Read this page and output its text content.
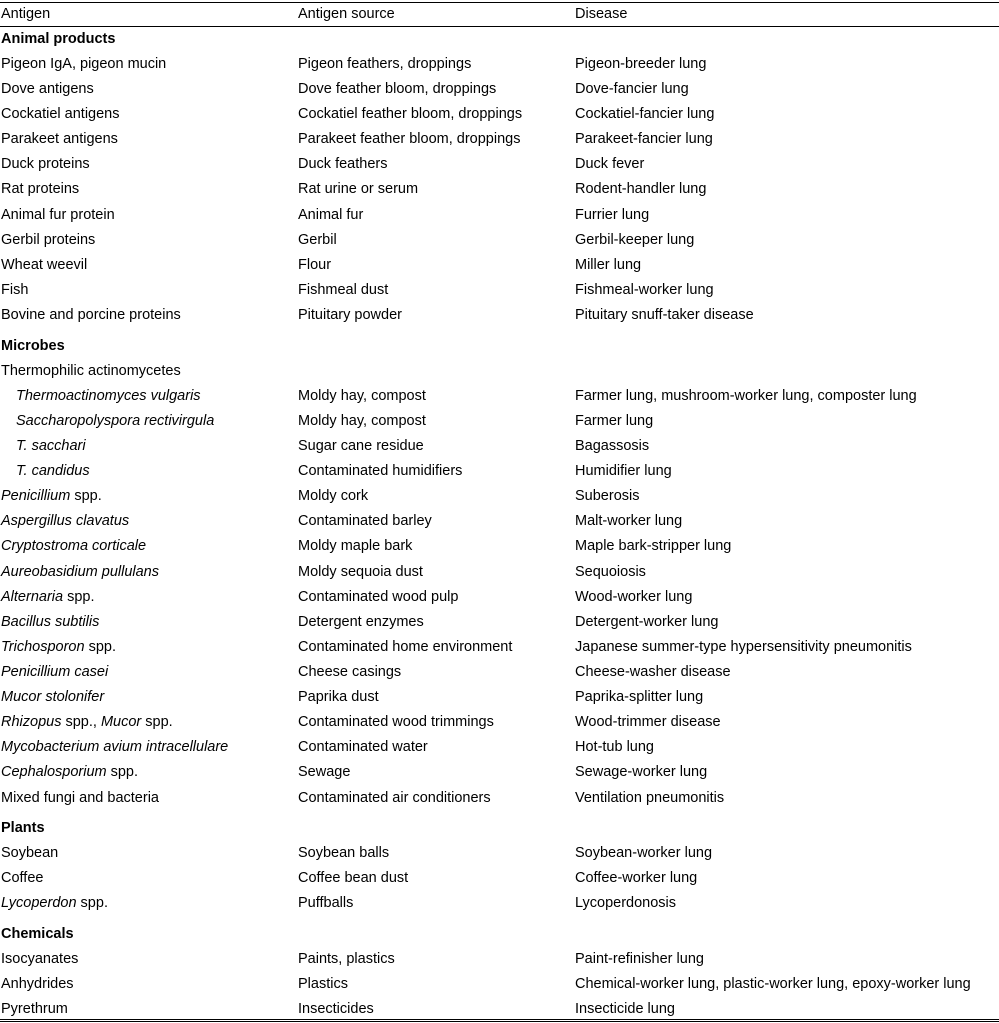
Antigen	Antigen source	Disease
Animal products
Pigeon IgA, pigeon mucin	Pigeon feathers, droppings	Pigeon-breeder lung
Dove antigens	Dove feather bloom, droppings	Dove-fancier lung
Cockatiel antigens	Cockatiel feather bloom, droppings	Cockatiel-fancier lung
Parakeet antigens	Parakeet feather bloom, droppings	Parakeet-fancier lung
Duck proteins	Duck feathers	Duck fever
Rat proteins	Rat urine or serum	Rodent-handler lung
Animal fur protein	Animal fur	Furrier lung
Gerbil proteins	Gerbil	Gerbil-keeper lung
Wheat weevil	Flour	Miller lung
Fish	Fishmeal dust	Fishmeal-worker lung
Bovine and porcine proteins	Pituitary powder	Pituitary snuff-taker disease
Microbes
Thermophilic actinomycetes
Thermoactinomyces vulgaris	Moldy hay, compost	Farmer lung, mushroom-worker lung, composter lung
Saccharopolyspora rectivirgula	Moldy hay, compost	Farmer lung
T. sacchari	Sugar cane residue	Bagassosis
T. candidus	Contaminated humidifiers	Humidifier lung
Penicillium spp.	Moldy cork	Suberosis
Aspergillus clavatus	Contaminated barley	Malt-worker lung
Cryptostroma corticale	Moldy maple bark	Maple bark-stripper lung
Aureobasidium pullulans	Moldy sequoia dust	Sequoiosis
Alternaria spp.	Contaminated wood pulp	Wood-worker lung
Bacillus subtilis	Detergent enzymes	Detergent-worker lung
Trichosporon spp.	Contaminated home environment	Japanese summer-type hypersensitivity pneumonitis
Penicillium casei	Cheese casings	Cheese-washer disease
Mucor stolonifer	Paprika dust	Paprika-splitter lung
Rhizopus spp., Mucor spp.	Contaminated wood trimmings	Wood-trimmer disease
Mycobacterium avium intracellulare	Contaminated water	Hot-tub lung
Cephalosporium spp.	Sewage	Sewage-worker lung
Mixed fungi and bacteria	Contaminated air conditioners	Ventilation pneumonitis
Plants
Soybean	Soybean balls	Soybean-worker lung
Coffee	Coffee bean dust	Coffee-worker lung
Lycoperdon spp.	Puffballs	Lycoperdonosis
Chemicals
Isocyanates	Paints, plastics	Paint-refinisher lung
Anhydrides	Plastics	Chemical-worker lung, plastic-worker lung, epoxy-worker lung
Pyrethrum	Insecticides	Insecticide lung
